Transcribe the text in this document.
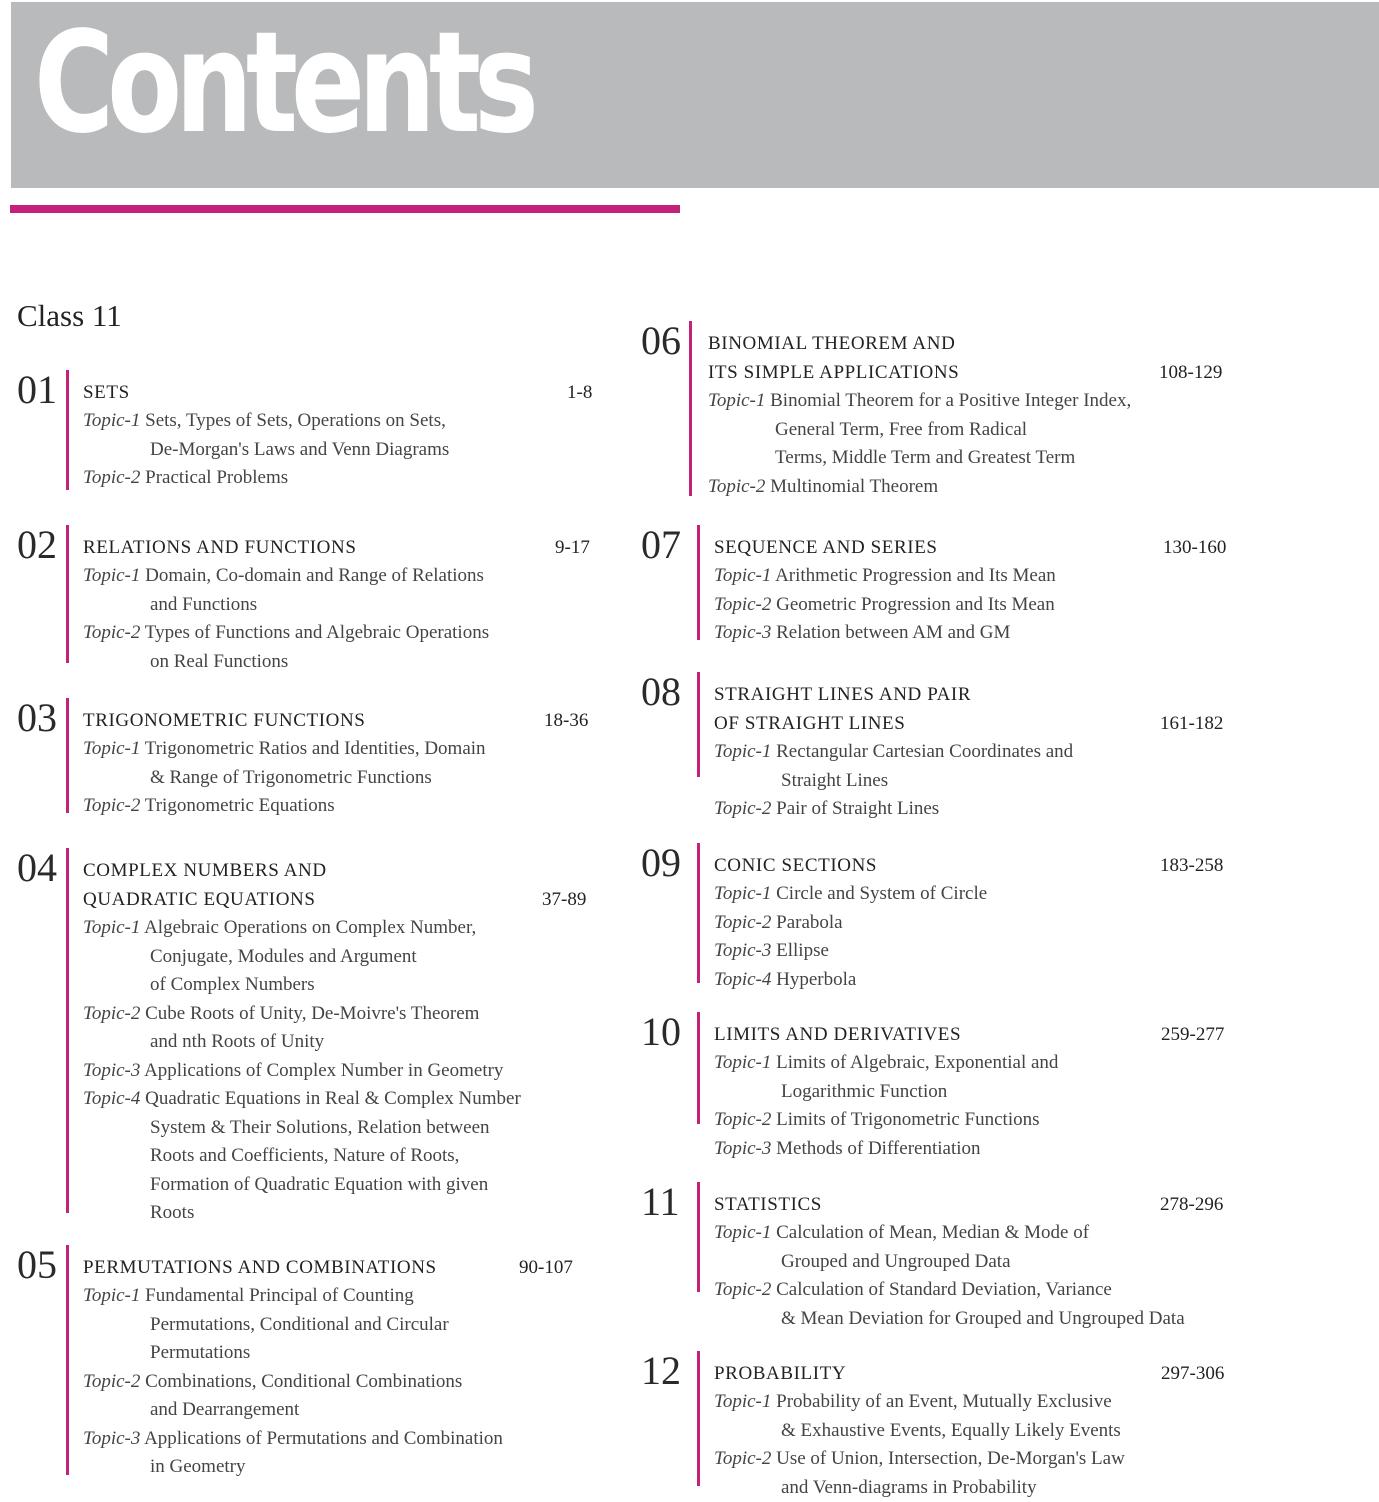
Contents
Class 11
01 SETS
Topic-1 Sets, Types of Sets, Operations on Sets,
De-Morgan's Laws and Venn Diagrams
Topic-2 Practical Problems
1-8
02 RELATIONS AND FUNCTIONS
Topic-1 Domain, Co-domain and Range of Relations
and Functions
Topic-2 Types of Functions and Algebraic Operations
on Real Functions
9-17
03 TRIGONOMETRIC FUNCTIONS
Topic-1 Trigonometric Ratios and Identities, Domain
& Range of Trigonometric Functions
Topic-2 Trigonometric Equations
18-36
04 COMPLEX NUMBERS AND
QUADRATIC EQUATIONS
Topic-1 Algebraic Operations on Complex Number,
Conjugate, Modules and Argument
of Complex Numbers
Topic-2 Cube Roots of Unity, De-Moivre's Theorem
and nth Roots of Unity
Topic-3 Applications of Complex Number in Geometry
Topic-4 Quadratic Equations in Real & Complex Number
System & Their Solutions, Relation between
Roots and Coefficients, Nature of Roots,
Formation of Quadratic Equation with given
Roots
37-89
05 PERMUTATIONS AND COMBINATIONS
Topic-1 Fundamental Principal of Counting
Permutations, Conditional and Circular
Permutations
Topic-2 Combinations, Conditional Combinations
and Dearrangement
Topic-3 Applications of Permutations and Combination
in Geometry
90-107
06 BINOMIAL THEOREM AND
ITS SIMPLE APPLICATIONS
Topic-1 Binomial Theorem for a Positive Integer Index,
General Term, Free from Radical
Terms, Middle Term and Greatest Term
Topic-2 Multinomial Theorem
108-129
07 SEQUENCE AND SERIES
Topic-1 Arithmetic Progression and Its Mean
Topic-2 Geometric Progression and Its Mean
Topic-3 Relation between AM and GM
130-160
08 STRAIGHT LINES AND PAIR
OF STRAIGHT LINES
Topic-1 Rectangular Cartesian Coordinates and
Straight Lines
Topic-2 Pair of Straight Lines
161-182
09 CONIC SECTIONS
Topic-1 Circle and System of Circle
Topic-2 Parabola
Topic-3 Ellipse
Topic-4 Hyperbola
183-258
10 LIMITS AND DERIVATIVES
Topic-1 Limits of Algebraic, Exponential and
Logarithmic Function
Topic-2 Limits of Trigonometric Functions
Topic-3 Methods of Differentiation
259-277
11 STATISTICS
Topic-1 Calculation of Mean, Median & Mode of
Grouped and Ungrouped Data
Topic-2 Calculation of Standard Deviation, Variance
& Mean Deviation for Grouped and Ungrouped Data
278-296
12 PROBABILITY
Topic-1 Probability of an Event, Mutually Exclusive
& Exhaustive Events, Equally Likely Events
Topic-2 Use of Union, Intersection, De-Morgan's Law
and Venn-diagrams in Probability
297-306
